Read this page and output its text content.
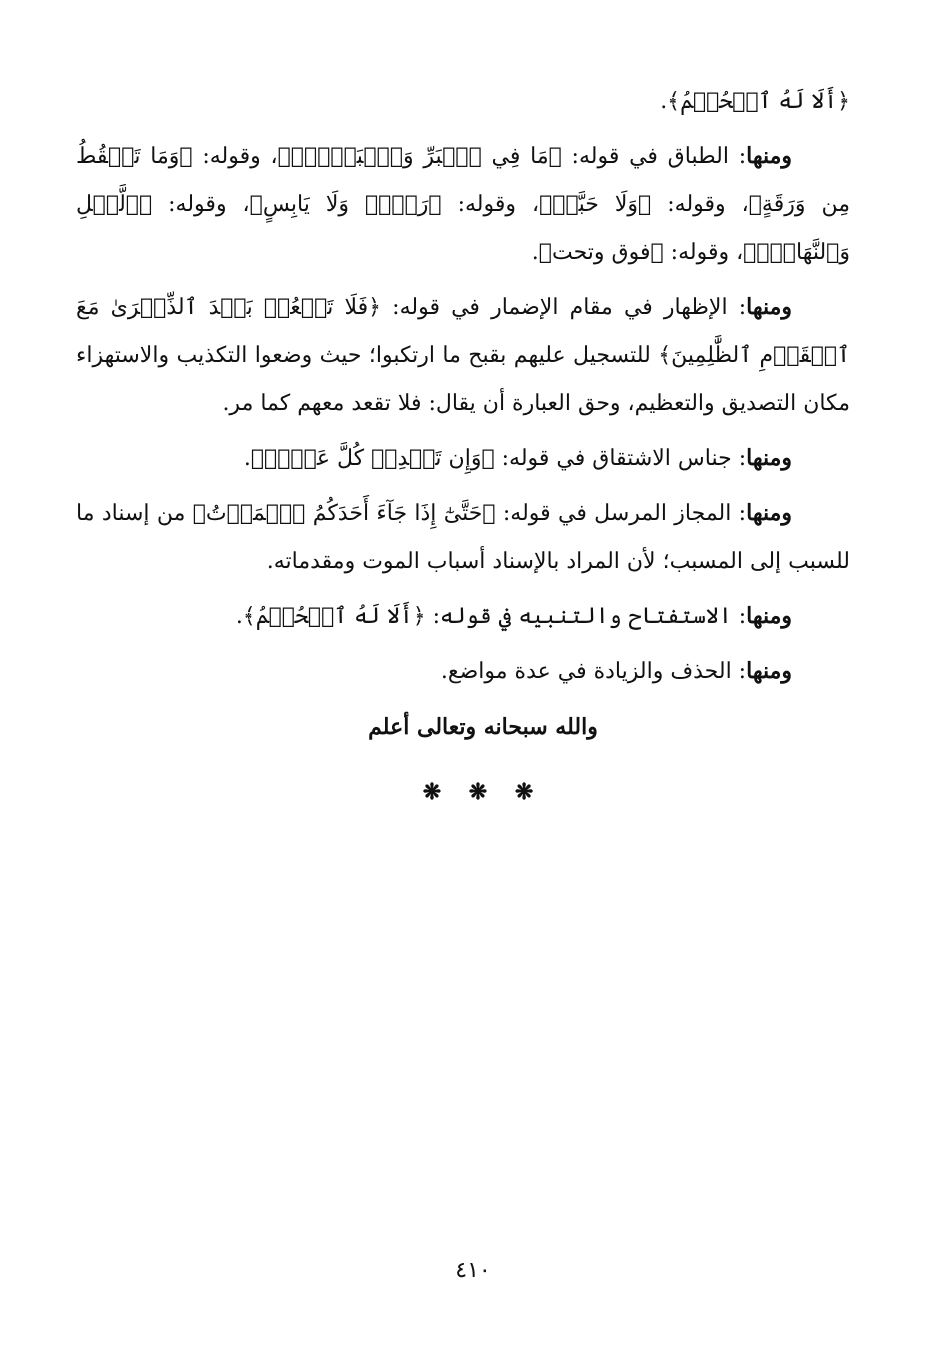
﴿أَلَا لَهُ ٱلۡحُكۡمُ﴾.

ومنها: الطباق في قوله: ﴿مَا فِي ٱلۡبَرِّ وَٱلۡبَحۡرِۚ﴾، وقوله: ﴿وَمَا تَسۡقُطُ مِن وَرَقَةٍ﴾، وقوله: ﴿وَلَا حَبَّةٖ﴾، وقوله: ﴿رَطۡبٖ وَلَا يَابِسٍ﴾، وقوله: ﴿ٱلَّيۡلِ وَٱلنَّهَارِۚ﴾، وقوله: ﴿فوق وتحت﴾.

ومنها: الإظهار في مقام الإضمار في قوله: ﴿فَلَا تَقۡعُدۡ بَعۡدَ ٱلذِّكۡرَىٰ مَعَ ٱلۡقَوۡمِ ٱلظَّٰلِمِينَ﴾ للتسجيل عليهم بقبح ما ارتكبوا؛ حيث وضعوا التكذيب والاستهزاء مكان التصديق والتعظيم، وحق العبارة أن يقال: فلا تقعد معهم كما مر.

ومنها: جناس الاشتقاق في قوله: ﴿وَإِن تَعۡدِلۡ كُلَّ عَدۡلٖ﴾.

ومنها: المجاز المرسل في قوله: ﴿حَتَّىٰٓ إِذَا جَآءَ أَحَدَكُمُ ٱلۡمَوۡتُ﴾ من إسناد ما للسبب إلى المسبب؛ لأن المراد بالإسناد أسباب الموت ومقدماته.

ومنها: الاستفتاح والتنبيه في قوله: ﴿أَلَا لَهُ ٱلۡحُكۡمُ﴾.

ومنها: الحذف والزيادة في عدة مواضع.

والله سبحانه وتعالى أعلم
❋ ❋ ❋
٤١٠
